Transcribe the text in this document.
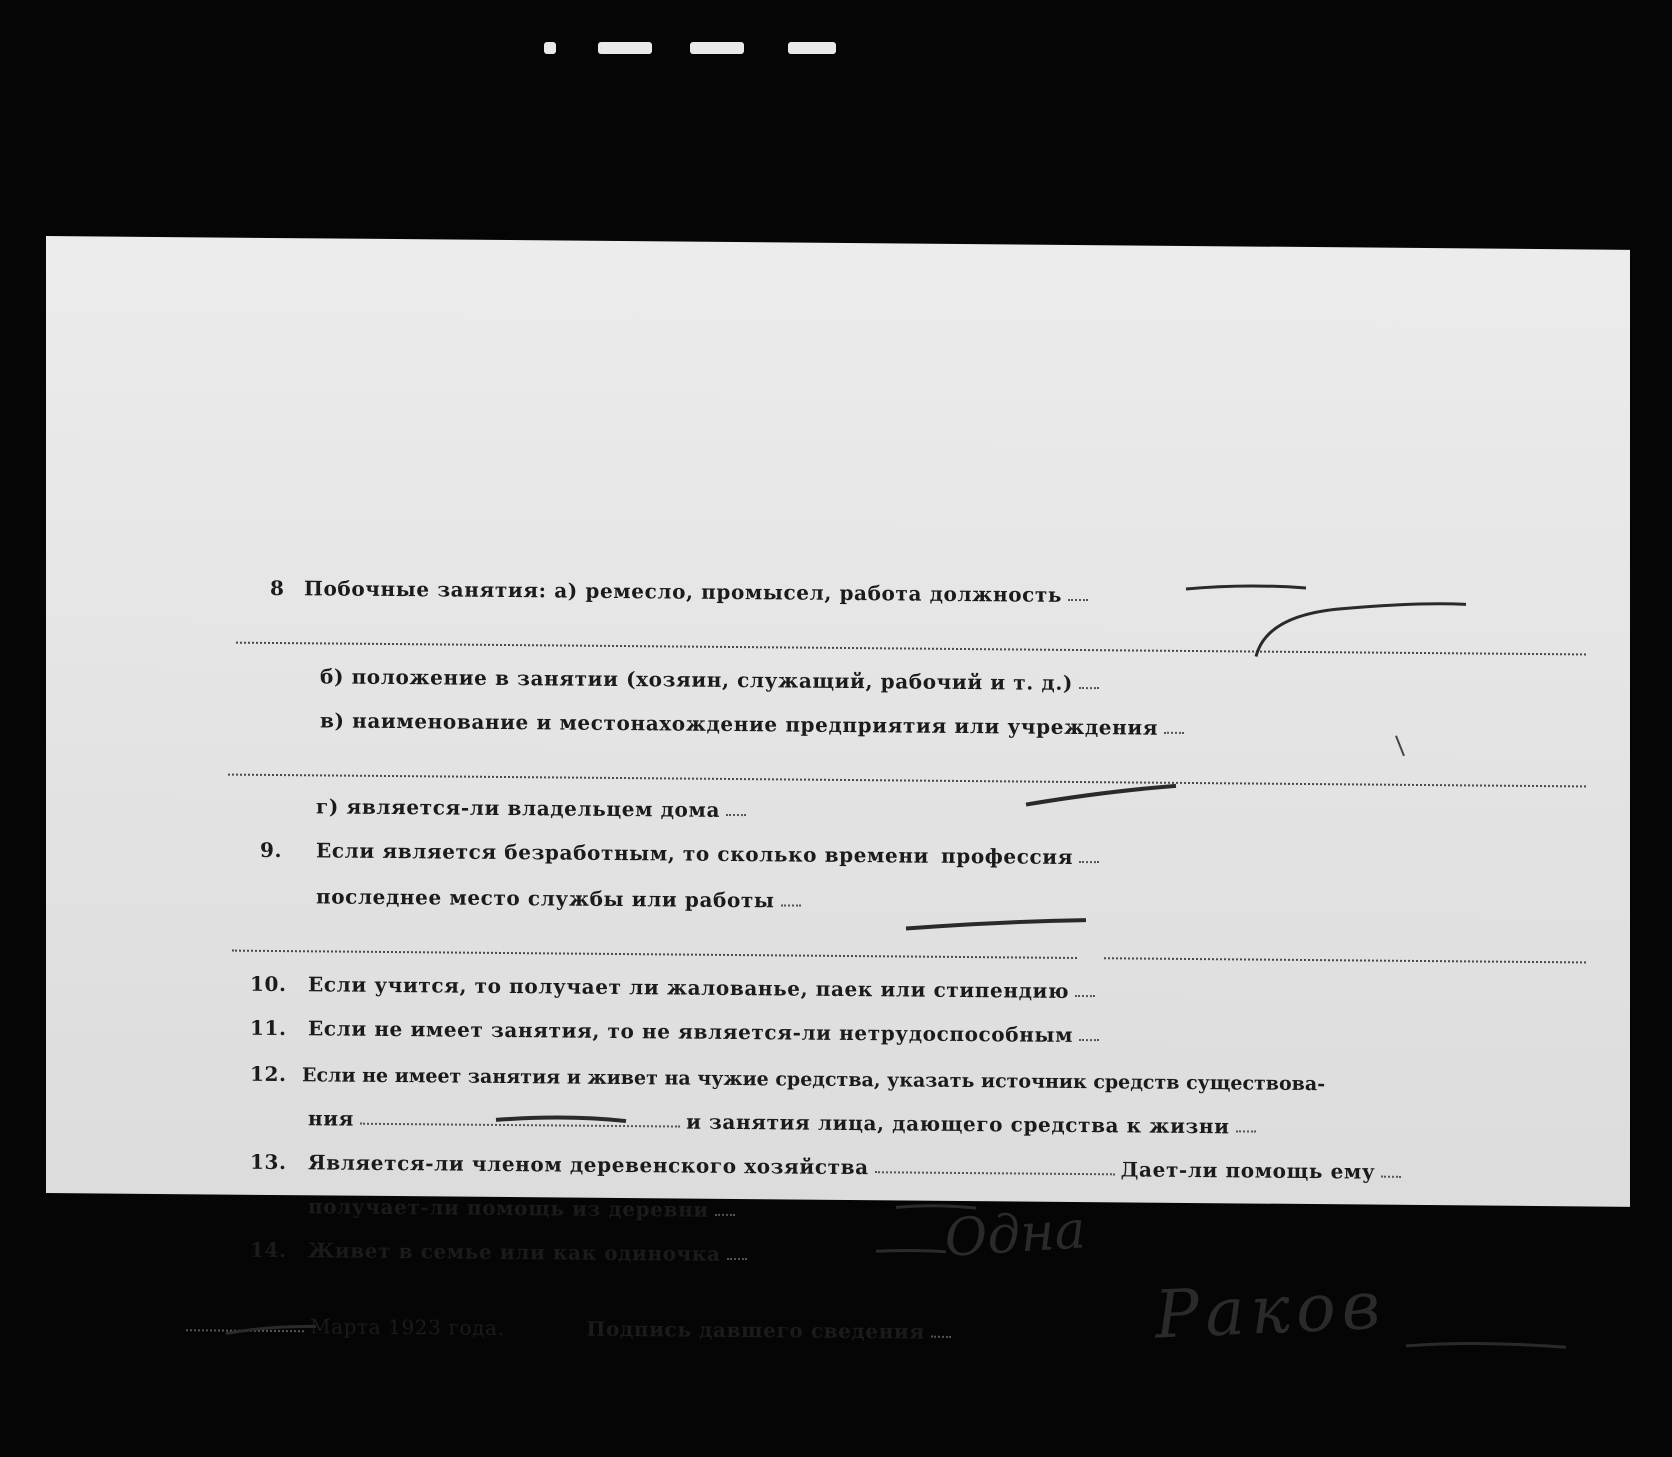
8 Побочные занятия: а) ремесло, промысел, работа должность
б) положение в занятии (хозяин, служащий, рабочий и т. д.)
в) наименование и местонахождение предприятия или учреждения
г) является-ли владельцем дома
9.	Если является безработным, то сколько времени профессия
последнее место службы или работы
10.	Если учится, то получает ли жалованье, паек или стипендию
11.	Если не имеет занятия, то не является-ли нетрудоспособным
12. Если не имеет занятия и живет на чужие средства, указать источник средств существова-
ния	и занятия лица, дающего средства к жизни
13.	Является-ли членом деревенского хозяйства	Дает-ли помощь ему
получает-ли помощь из деревни
14.	Живет в семье или как одиночка
Марта 1923 года.	Подпись давшего сведения
Одна
Раков
